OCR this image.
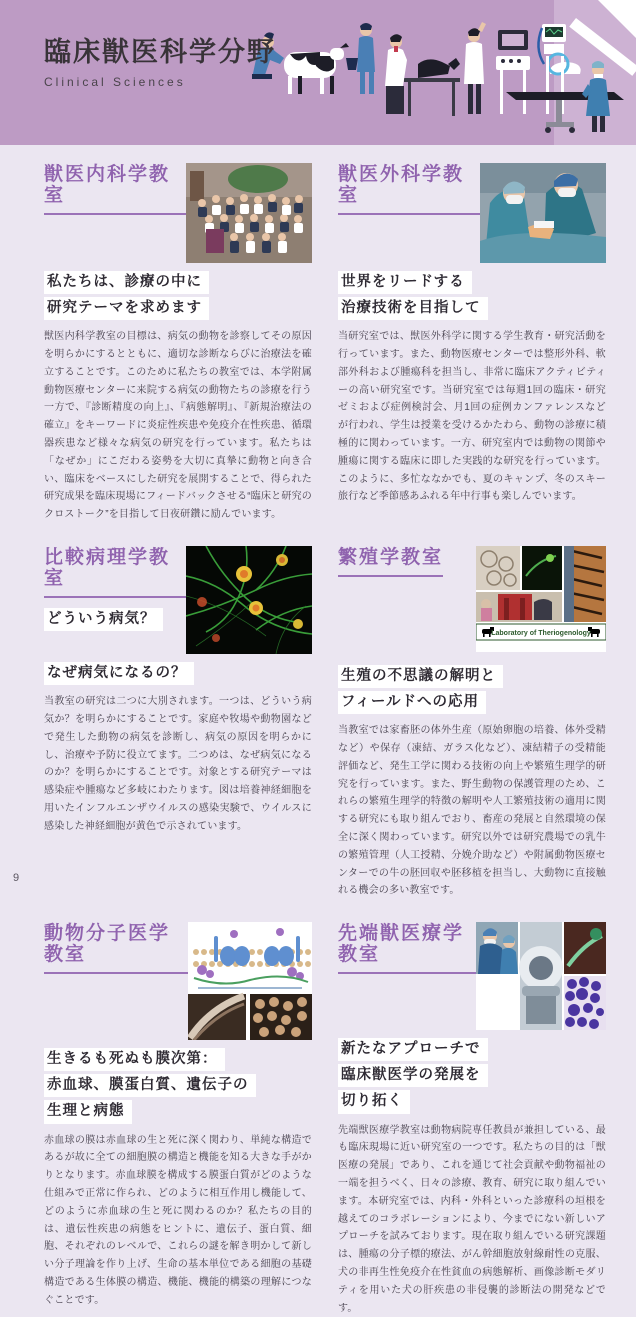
臨床獣医科学分野
Clinical Sciences
獣医内科学教室
私たちは、診療の中に
研究テーマを求めます

獣医内科学教室の目標は、病気の動物を診察してその原因を明らかにするとともに、適切な診断ならびに治療法を確立することです。このために私たちの教室では、本学附属動物医療センターに来院する病気の動物たちの診療を行う一方で、『診断精度の向上』、『病態解明』、『新規治療法の確立』をキーワードに炎症性疾患や免疫介在性疾患、循環器疾患など様々な病気の研究を行っています。私たちは「なぜか」にこだわる姿勢を大切に真摯に動物と向き合い、臨床をベースにした研究を展開することで、得られた研究成果を臨床現場にフィードバックさせる“臨床と研究のクロストーク”を目指して日夜研鑽に励んでいます。

獣医外科学教室
世界をリードする
治療技術を目指して

当研究室では、獣医外科学に関する学生教育・研究活動を行っています。また、動物医療センターでは整形外科、軟部外科および腫瘍科を担当し、非常に臨床アクティビティーの高い研究室です。当研究室では毎週1回の臨床・研究ゼミおよび症例検討会、月1回の症例カンファレンスなどが行われ、学生は授業を受けるかたわら、動物の診療に積極的に関わっています。一方、研究室内では動物の関節や腫瘍に関する臨床に即した実践的な研究を行っています。このように、多忙ななかでも、夏のキャンプ、冬のスキー旅行など季節感あふれる年中行事も楽しんでいます。

比較病理学教室
どういう病気？
なぜ病気になるの？

当教室の研究は二つに大別されます。一つは、どういう病気か？を明らかにすることです。家庭や牧場や動物園などで発生した動物の病気を診断し、病気の原因を明らかにし、治療や予防に役立てます。二つめは、なぜ病気になるのか？を明らかにすることです。対象とする研究テーマは感染症や腫瘍など多岐にわたります。図は培養神経細胞を用いたインフルエンザウイルスの感染実験で、ウイルスに感染した神経細胞が黄色で示されています。

Laboratory of Theriogenology
繁殖学教室
生殖の不思議の解明と
フィールドへの応用

当教室では家畜胚の体外生産（原始卵胞の培養、体外受精など）や保存（凍結、ガラス化など）、凍結精子の受精能評価など、発生工学に関わる技術の向上や繁殖生理学的研究を行っています。また、野生動物の保護管理のため、これらの繁殖生理学的特徴の解明や人工繁殖技術の適用に関する研究にも取り組んでおり、畜産の発展と自然環境の保全に深く関わっています。研究以外では研究農場での乳牛の繁殖管理（人工授精、分娩介助など）や附属動物医療センターでの牛の胚回収や胚移植を担当し、大動物に直接触れる機会の多い教室です。

動物分子医学教室
生きるも死ぬも膜次第：
赤血球、膜蛋白質、遺伝子の
生理と病態

赤血球の膜は赤血球の生と死に深く関わり、単純な構造であるが故に全ての細胞膜の構造と機能を知る大きな手がかりとなります。赤血球膜を構成する膜蛋白質がどのような仕組みで正常に作られ、どのように相互作用し機能して、どのように赤血球の生と死に関わるのか？私たちの目的は、遺伝性疾患の病態をヒントに、遺伝子、蛋白質、細胞、それぞれのレベルで、これらの謎を解き明かして新しい分子理論を作り上げ、生命の基本単位である細胞の基礎構造である生体膜の構造、機能、機能的構築の理解につなぐことです。

先端獣医療学教室
新たなアプローチで
臨床獣医学の発展を
切り拓く

先端獣医療学教室は動物病院専任教員が兼担している、最も臨床現場に近い研究室の一つです。私たちの目的は「獣医療の発展」であり、これを通じて社会貢献や動物福祉の一端を担うべく、日々の診療、教育、研究に取り組んでいます。本研究室では、内科・外科といった診療科の垣根を越えてのコラボレーションにより、今までにない新しいアプローチを試みております。現在取り組んでいる研究課題は、腫瘍の分子標的療法、がん幹細胞放射線耐性の克服、犬の非再生性免疫介在性貧血の病態解析、画像診断モダリティを用いた犬の肝疾患の非侵襲的診断法の開発などです。

9
